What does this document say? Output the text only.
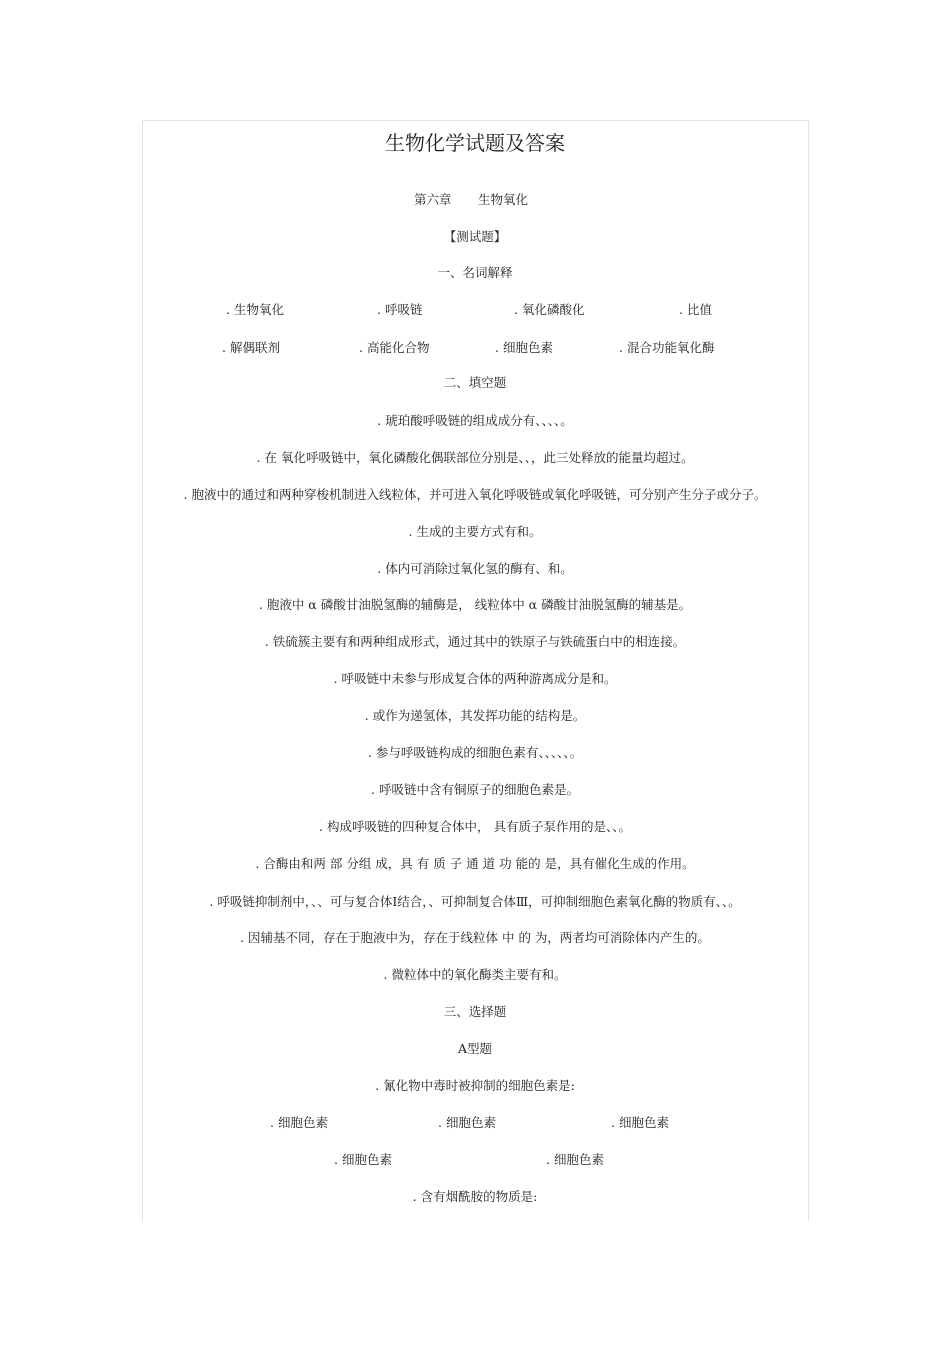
生物化学试题及答案
第六章 生物氧化
【测试题】
一、名词解释
. 生物氧化	. 呼吸链	. 氧化磷酸化	. 比值
. 解偶联剂	. 高能化合物	. 细胞色素	. 混合功能氧化酶
二、填空题
. 琥珀酸呼吸链的组成成分有、、、、。
. 在 氧化呼吸链中，氧化磷酸化偶联部位分别是、、，此三处释放的能量均超过。
. 胞液中的通过和两种穿梭机制进入线粒体，并可进入氧化呼吸链或氧化呼吸链，可分别产生分子或分子。
. 生成的主要方式有和。
. 体内可消除过氧化氢的酶有、和。
. 胞液中 α 磷酸甘油脱氢酶的辅酶是， 线粒体中 α 磷酸甘油脱氢酶的辅基是。
. 铁硫簇主要有和两种组成形式，通过其中的铁原子与铁硫蛋白中的相连接。
. 呼吸链中未参与形成复合体的两种游离成分是和。
. 或作为递氢体，其发挥功能的结构是。
. 参与呼吸链构成的细胞色素有、、、、、。
. 呼吸链中含有铜原子的细胞色素是。
. 构成呼吸链的四种复合体中， 具有质子泵作用的是、、。
. 合酶由和两 部 分组 成，具 有 质 子 通 道 功 能的 是，具有催化生成的作用。
. 呼吸链抑制剂中，、、可与复合体Ⅰ结合，、可抑制复合体Ⅲ，可抑制细胞色素氧化酶的物质有、、。
. 因辅基不同，存在于胞液中为，存在于线粒体 中 的 为，两者均可消除体内产生的。
. 微粒体中的氧化酶类主要有和。
三、选择题
A型题
. 氰化物中毒时被抑制的细胞色素是:
. 细胞色素	. 细胞色素	. 细胞色素
. 细胞色素	. 细胞色素
. 含有烟酰胺的物质是:
